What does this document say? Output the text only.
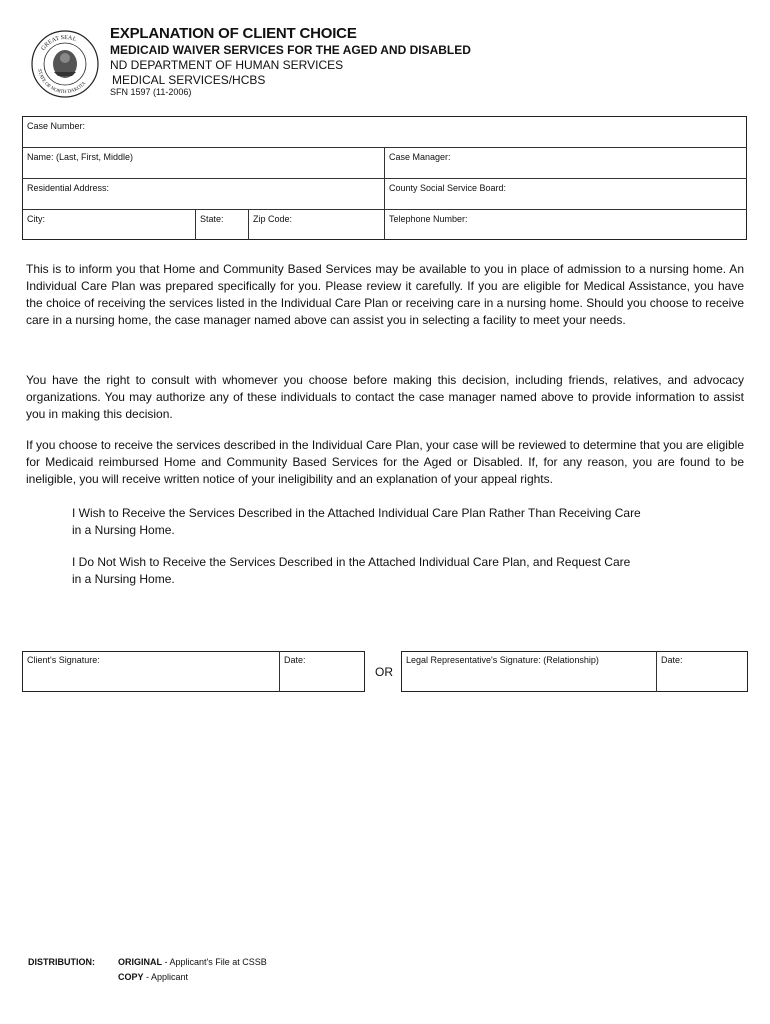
GREAT SEAL
STATE OF NORTH DAKOTA
EXPLANATION OF CLIENT CHOICE
MEDICAID WAIVER SERVICES FOR THE AGED AND DISABLED
ND DEPARTMENT OF HUMAN SERVICES
MEDICAL SERVICES/HCBS
SFN 1597 (11-2006)
Case Number:
Name: (Last, First, Middle)	Case Manager:
Residential Address:	County Social Service Board:
City:	State:	Zip Code:	Telephone Number:

This is to inform you that Home and Community Based Services may be available to you in place of admission to a nursing home. An Individual Care Plan was prepared specifically for you. Please review it carefully. If you are eligible for Medical Assistance, you have the choice of receiving the services listed in the Individual Care Plan or receiving care in a nursing home. Should you choose to receive care in a nursing home, the case manager named above can assist you in selecting a facility to meet your needs.

You have the right to consult with whomever you choose before making this decision, including friends, relatives, and advocacy organizations. You may authorize any of these individuals to contact the case manager named above to provide information to assist you in making this decision.

If you choose to receive the services described in the Individual Care Plan, your case will be reviewed to determine that you are eligible for Medicaid reimbursed Home and Community Based Services for the Aged or Disabled. If, for any reason, you are found to be ineligible, you will receive written notice of your ineligibility and an explanation of your appeal rights.

I Wish to Receive the Services Described in the Attached Individual Care Plan Rather Than Receiving Care in a Nursing Home.

I Do Not Wish to Receive the Services Described in the Attached Individual Care Plan, and Request Care in a Nursing Home.

Client's Signature:	Date:
OR
Legal Representative's Signature: (Relationship)	Date:
DISTRIBUTION:	ORIGINAL - Applicant's File at CSSB
COPY - Applicant
